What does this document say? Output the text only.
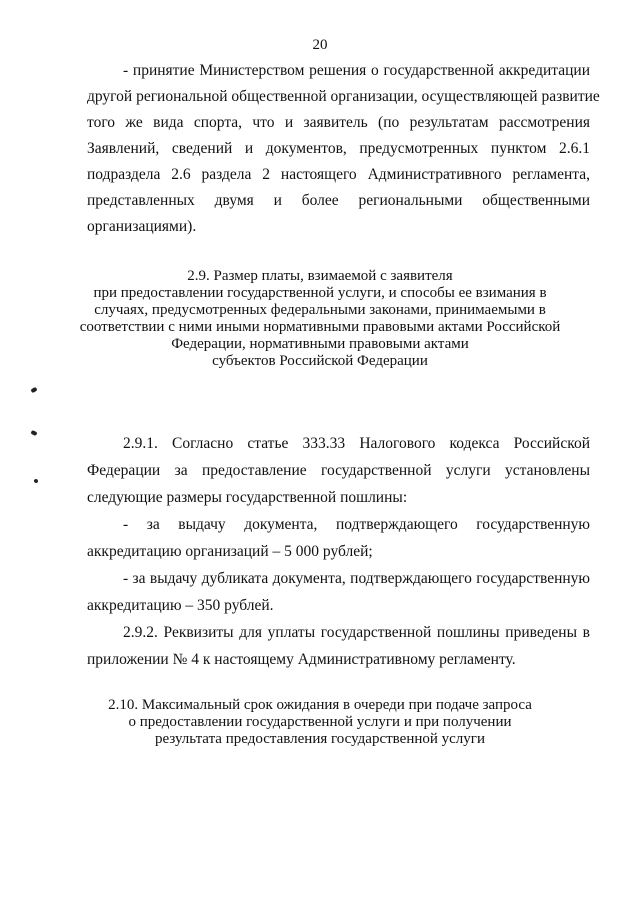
20
- принятие Министерством решения о государственной аккредитации
другой региональной общественной организации, осуществляющей развитие
того же вида спорта, что и заявитель (по результатам рассмотрения
Заявлений, сведений и документов, предусмотренных пунктом 2.6.1
подраздела 2.6 раздела 2 настоящего Административного регламента,
представленных двумя и более региональными общественными
организациями).
2.9. Размер платы, взимаемой с заявителя
при предоставлении государственной услуги, и способы ее взимания в
случаях, предусмотренных федеральными законами, принимаемыми в
соответствии с ними иными нормативными правовыми актами Российской
Федерации, нормативными правовыми актами
субъектов Российской Федерации
2.9.1. Согласно статье 333.33 Налогового кодекса Российской
Федерации за предоставление государственной услуги установлены
следующие размеры государственной пошлины:
- за выдачу документа, подтверждающего государственную
аккредитацию организаций – 5 000 рублей;
- за выдачу дубликата документа, подтверждающего государственную
аккредитацию – 350 рублей.
2.9.2. Реквизиты для уплаты государственной пошлины приведены в
приложении № 4 к настоящему Административному регламенту.
2.10. Максимальный срок ожидания в очереди при подаче запроса
о предоставлении государственной услуги и при получении
результата предоставления государственной услуги
